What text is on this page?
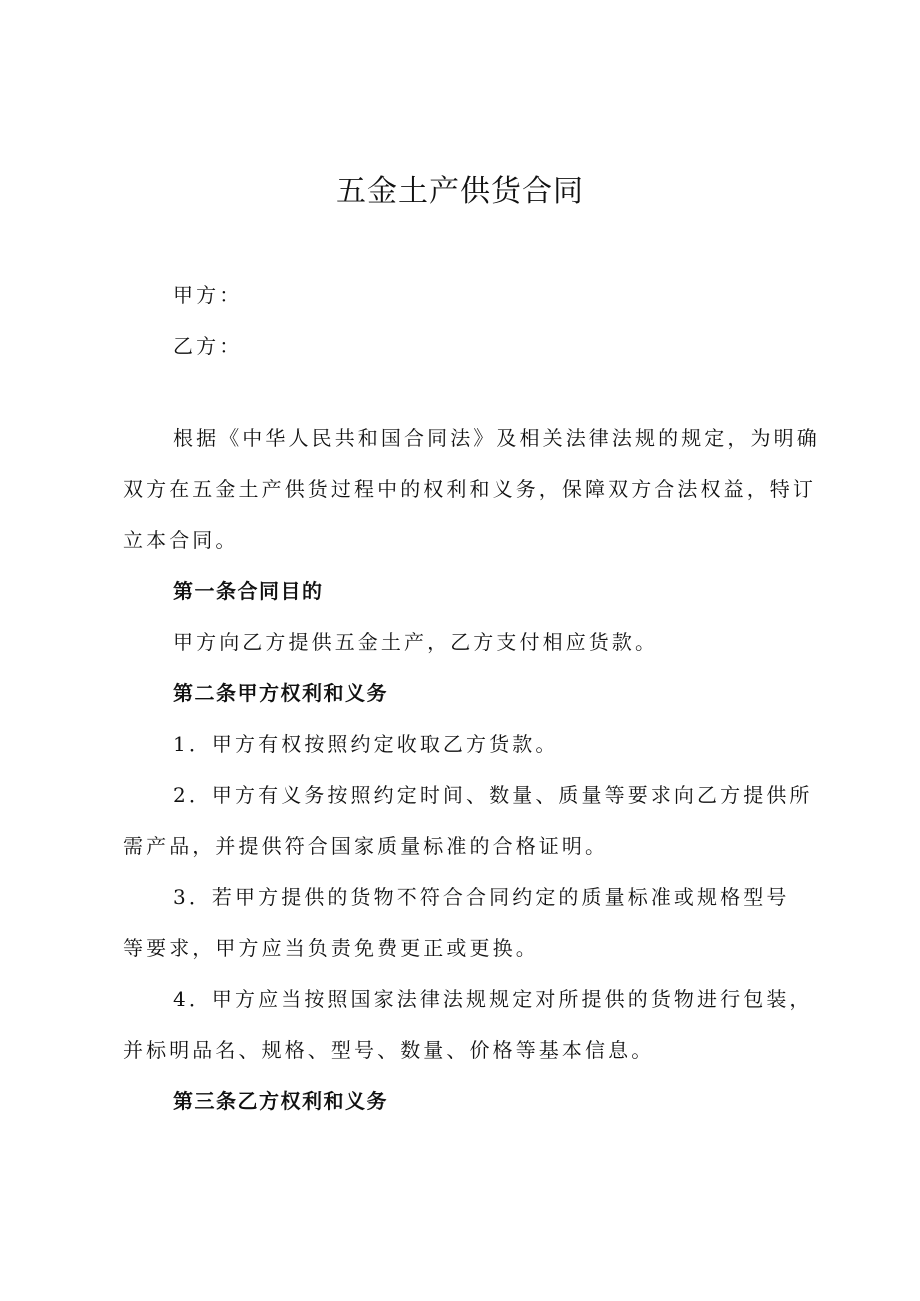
五金土产供货合同
甲方：
乙方：
根据《中华人民共和国合同法》及相关法律法规的规定，为明确
双方在五金土产供货过程中的权利和义务，保障双方合法权益，特订
立本合同。
第一条合同目的
甲方向乙方提供五金土产，乙方支付相应货款。
第二条甲方权利和义务
1．甲方有权按照约定收取乙方货款。
2．甲方有义务按照约定时间、数量、质量等要求向乙方提供所
需产品，并提供符合国家质量标准的合格证明。
3．若甲方提供的货物不符合合同约定的质量标准或规格型号
等要求，甲方应当负责免费更正或更换。
4．甲方应当按照国家法律法规规定对所提供的货物进行包装，
并标明品名、规格、型号、数量、价格等基本信息。
第三条乙方权利和义务
